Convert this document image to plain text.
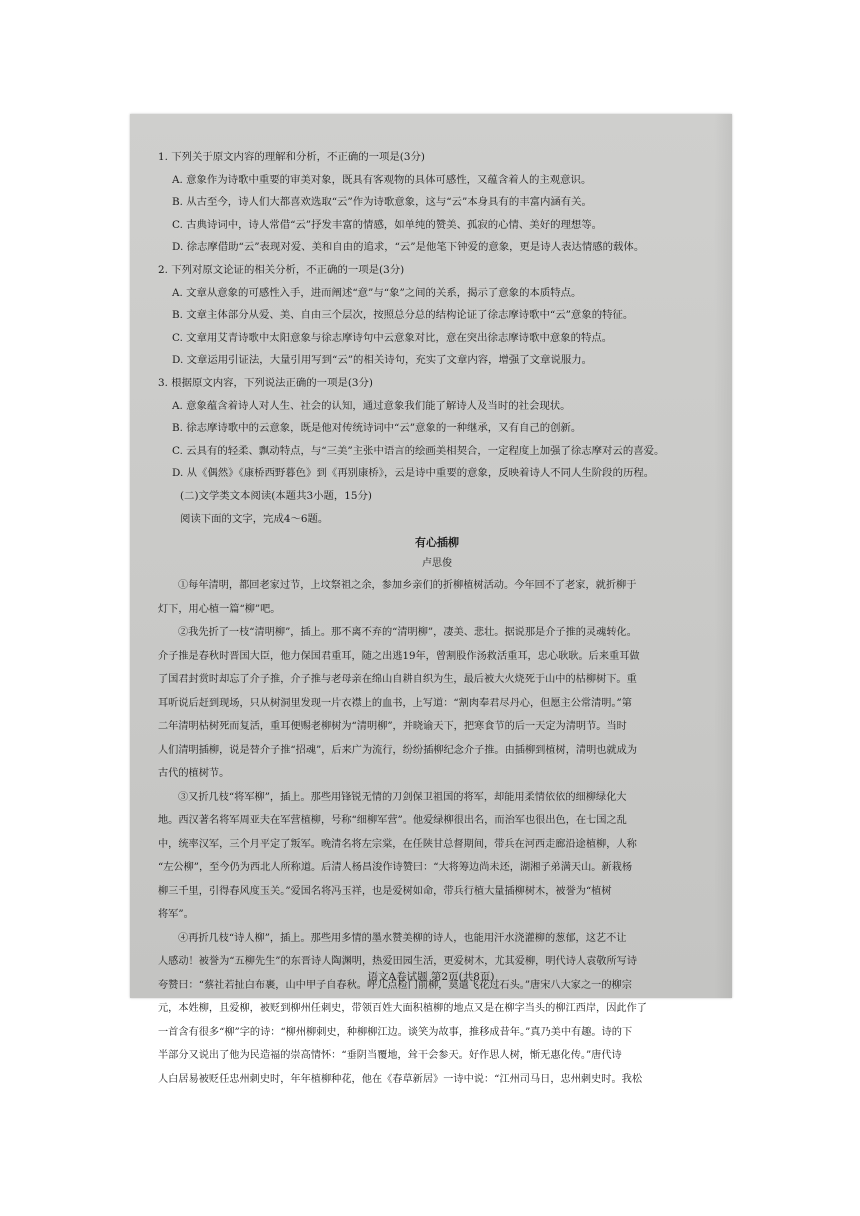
1. 下列关于原文内容的理解和分析，不正确的一项是(3分)
A. 意象作为诗歌中重要的审美对象，既具有客观物的具体可感性，又蕴含着人的主观意识。
B. 从古至今，诗人们大都喜欢选取“云”作为诗歌意象，这与“云”本身具有的丰富内涵有关。
C. 古典诗词中，诗人常借“云”抒发丰富的情感，如单纯的赞美、孤寂的心情、美好的理想等。
D. 徐志摩借助“云”表现对爱、美和自由的追求，“云”是他笔下钟爱的意象，更是诗人表达情感的载体。
2. 下列对原文论证的相关分析，不正确的一项是(3分)
A. 文章从意象的可感性入手，进而阐述“意”与“象”之间的关系，揭示了意象的本质特点。
B. 文章主体部分从爱、美、自由三个层次，按照总分总的结构论证了徐志摩诗歌中“云”意象的特征。
C. 文章用艾青诗歌中太阳意象与徐志摩诗句中云意象对比，意在突出徐志摩诗歌中意象的特点。
D. 文章运用引证法，大量引用写到“云”的相关诗句，充实了文章内容，增强了文章说服力。
3. 根据原文内容，下列说法正确的一项是(3分)
A. 意象蕴含着诗人对人生、社会的认知，通过意象我们能了解诗人及当时的社会现状。
B. 徐志摩诗歌中的云意象，既是他对传统诗词中“云”意象的一种继承，又有自己的创新。
C. 云具有的轻柔、飘动特点，与“三美”主张中语言的绘画美相契合，一定程度上加强了徐志摩对云的喜爱。
D. 从《偶然》《康桥西野暮色》到《再别康桥》，云是诗中重要的意象，反映着诗人不同人生阶段的历程。
(二)文学类文本阅读(本题共3小题，15分)
阅读下面的文字，完成4～6题。
有心插柳
卢思俊
①每年清明，都回老家过节，上坟祭祖之余，参加乡亲们的折柳植树活动。今年回不了老家，就折柳于
灯下，用心植一篇“柳”吧。
②我先折了一枝“清明柳”，插上。那不离不弃的“清明柳”，凄美、悲壮。据说那是介子推的灵魂转化。
介子推是春秋时晋国大臣，他力保国君重耳，随之出逃19年，曾割股作汤救活重耳，忠心耿耿。后来重耳做
了国君封赏时却忘了介子推，介子推与老母亲在绵山自耕自织为生，最后被大火烧死于山中的枯柳树下。重
耳听说后赶到现场，只从树洞里发现一片衣襟上的血书，上写道：“割肉奉君尽丹心，但愿主公常清明。”第
二年清明枯树死而复活，重耳便赐老柳树为“清明柳”，并晓谕天下，把寒食节的后一天定为清明节。当时
人们清明插柳，说是替介子推“招魂”，后来广为流行，纷纷插柳纪念介子推。由插柳到植树，清明也就成为
古代的植树节。
③又折几枝“将军柳”，插上。那些用锋锐无情的刀剑保卫祖国的将军，却能用柔情依依的细柳绿化大
地。西汉著名将军周亚夫在军营植柳，号称“细柳军营”。他爱绿柳很出名，而治军也很出色，在七国之乱
中，统率汉军，三个月平定了叛军。晚清名将左宗棠，在任陕甘总督期间，带兵在河西走廊沿途植柳，人称
“左公柳”，至今仍为西北人所称道。后清人杨昌浚作诗赞曰：“大将筹边尚未还，湖湘子弟满天山。新栽杨
柳三千里，引得春风度玉关。”爱国名将冯玉祥，也是爱树如命，带兵行植大量插柳树木，被誉为“植树
将军”。
④再折几枝“诗人柳”，插上。那些用多情的墨水赞美柳的诗人，也能用汗水浇灌柳的葱郁，这艺不让
人感动！被誉为“五柳先生”的东晋诗人陶渊明，热爱田园生活，更爱树木，尤其爱柳，明代诗人袁敬所写诗
夸赞曰：“蔡社若扯白布裹，山中甲子自春秋。呼儿点检门前柳，莫遣飞花过石头。”唐宋八大家之一的柳宗
元，本姓柳，且爱柳，被贬到柳州任刺史，带领百姓大面积植柳的地点又是在柳字当头的柳江西岸，因此作了
一首含有很多“柳”字的诗：“柳州柳刺史，种柳柳江边。谈笑为故事，推移成昔年。”真乃美中有趣。诗的下
半部分又说出了他为民造福的崇高情怀：“垂阴当覆地，耸干会参天。好作思人树，惭无惠化传。”唐代诗
人白居易被贬任忠州刺史时，年年植柳种花，他在《春草新居》一诗中说：“江州司马日，忠州刺史时。我松
语文A卷试题 第2页(共8页)
